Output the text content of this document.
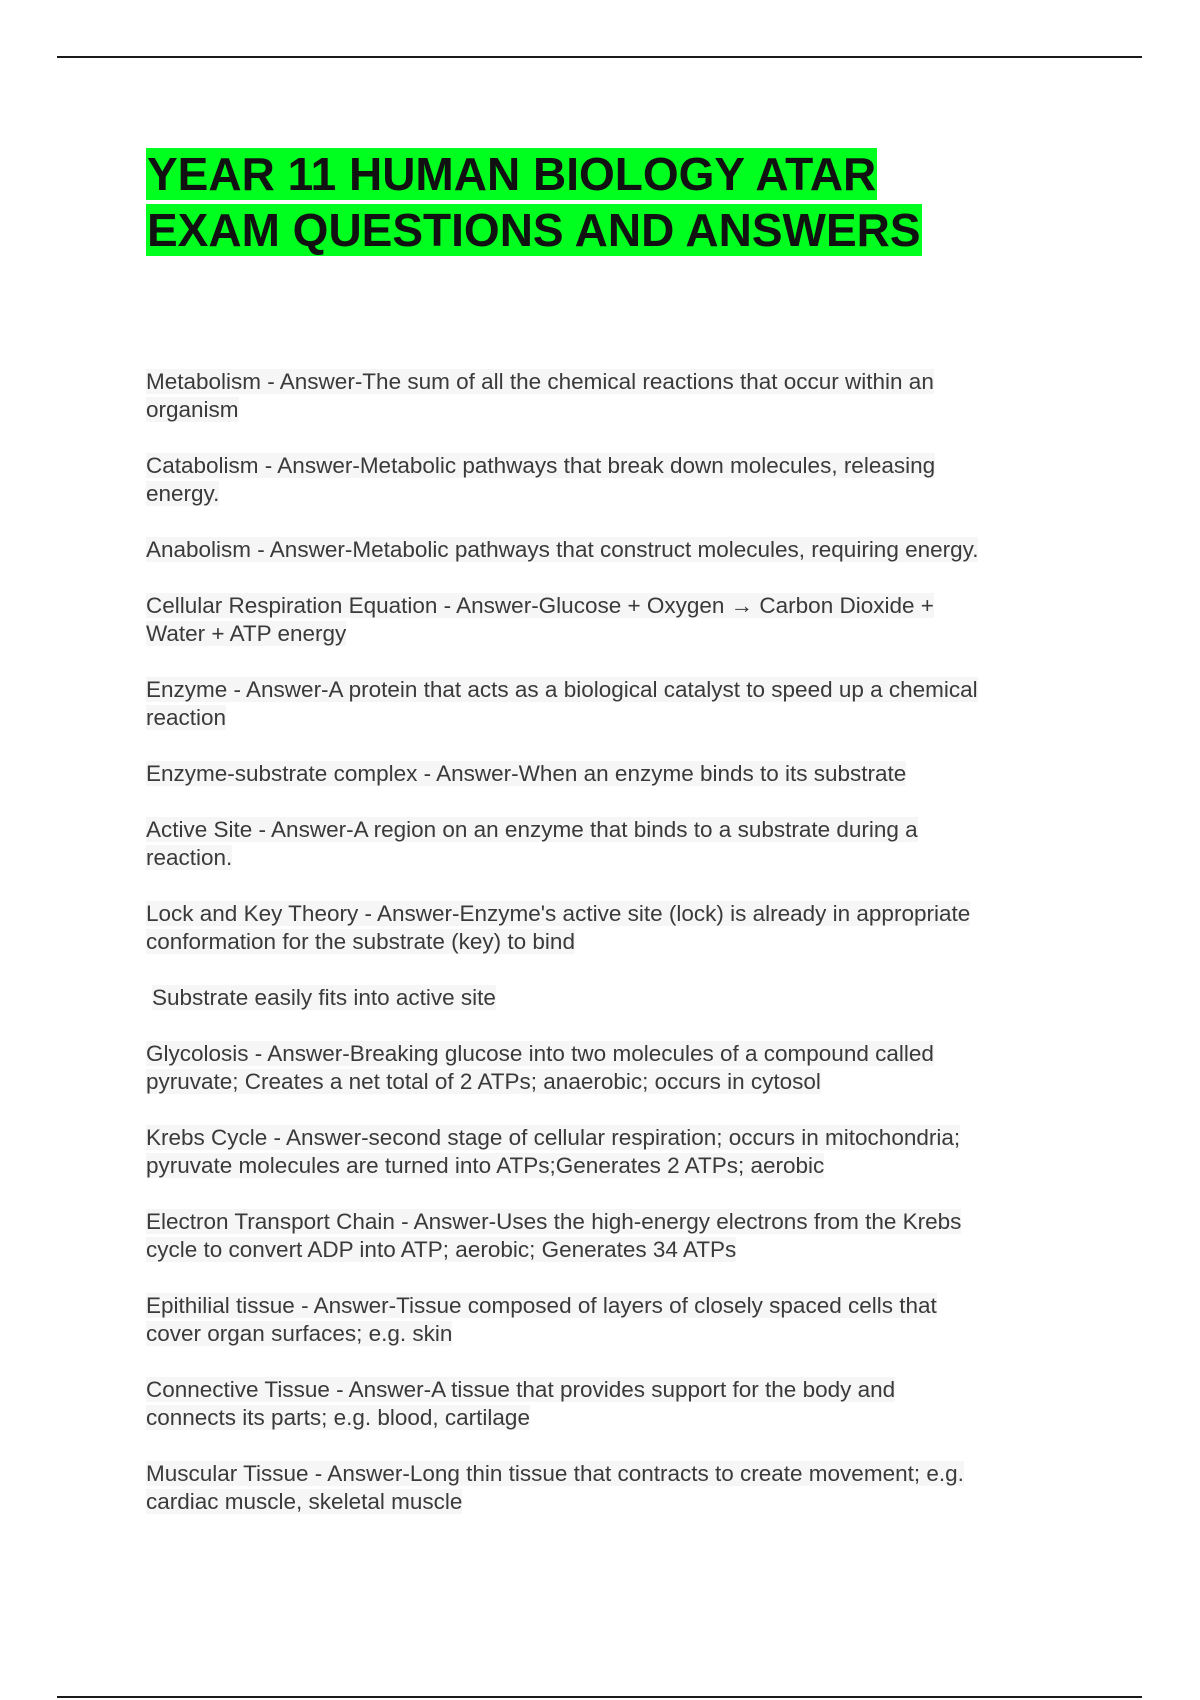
YEAR 11 HUMAN BIOLOGY ATAR
EXAM QUESTIONS AND ANSWERS

Metabolism - Answer-The sum of all the chemical reactions that occur within an
organism

Catabolism - Answer-Metabolic pathways that break down molecules, releasing
energy.

Anabolism - Answer-Metabolic pathways that construct molecules, requiring energy.

Cellular Respiration Equation - Answer-Glucose + Oxygen → Carbon Dioxide +
Water + ATP energy

Enzyme - Answer-A protein that acts as a biological catalyst to speed up a chemical
reaction

Enzyme-substrate complex - Answer-When an enzyme binds to its substrate

Active Site - Answer-A region on an enzyme that binds to a substrate during a
reaction.

Lock and Key Theory - Answer-Enzyme's active site (lock) is already in appropriate
conformation for the substrate (key) to bind

Substrate easily fits into active site

Glycolosis - Answer-Breaking glucose into two molecules of a compound called
pyruvate; Creates a net total of 2 ATPs; anaerobic; occurs in cytosol

Krebs Cycle - Answer-second stage of cellular respiration; occurs in mitochondria;
pyruvate molecules are turned into ATPs;Generates 2 ATPs; aerobic

Electron Transport Chain - Answer-Uses the high-energy electrons from the Krebs
cycle to convert ADP into ATP; aerobic; Generates 34 ATPs

Epithilial tissue - Answer-Tissue composed of layers of closely spaced cells that
cover organ surfaces; e.g. skin

Connective Tissue - Answer-A tissue that provides support for the body and
connects its parts; e.g. blood, cartilage

Muscular Tissue - Answer-Long thin tissue that contracts to create movement; e.g.
cardiac muscle, skeletal muscle
